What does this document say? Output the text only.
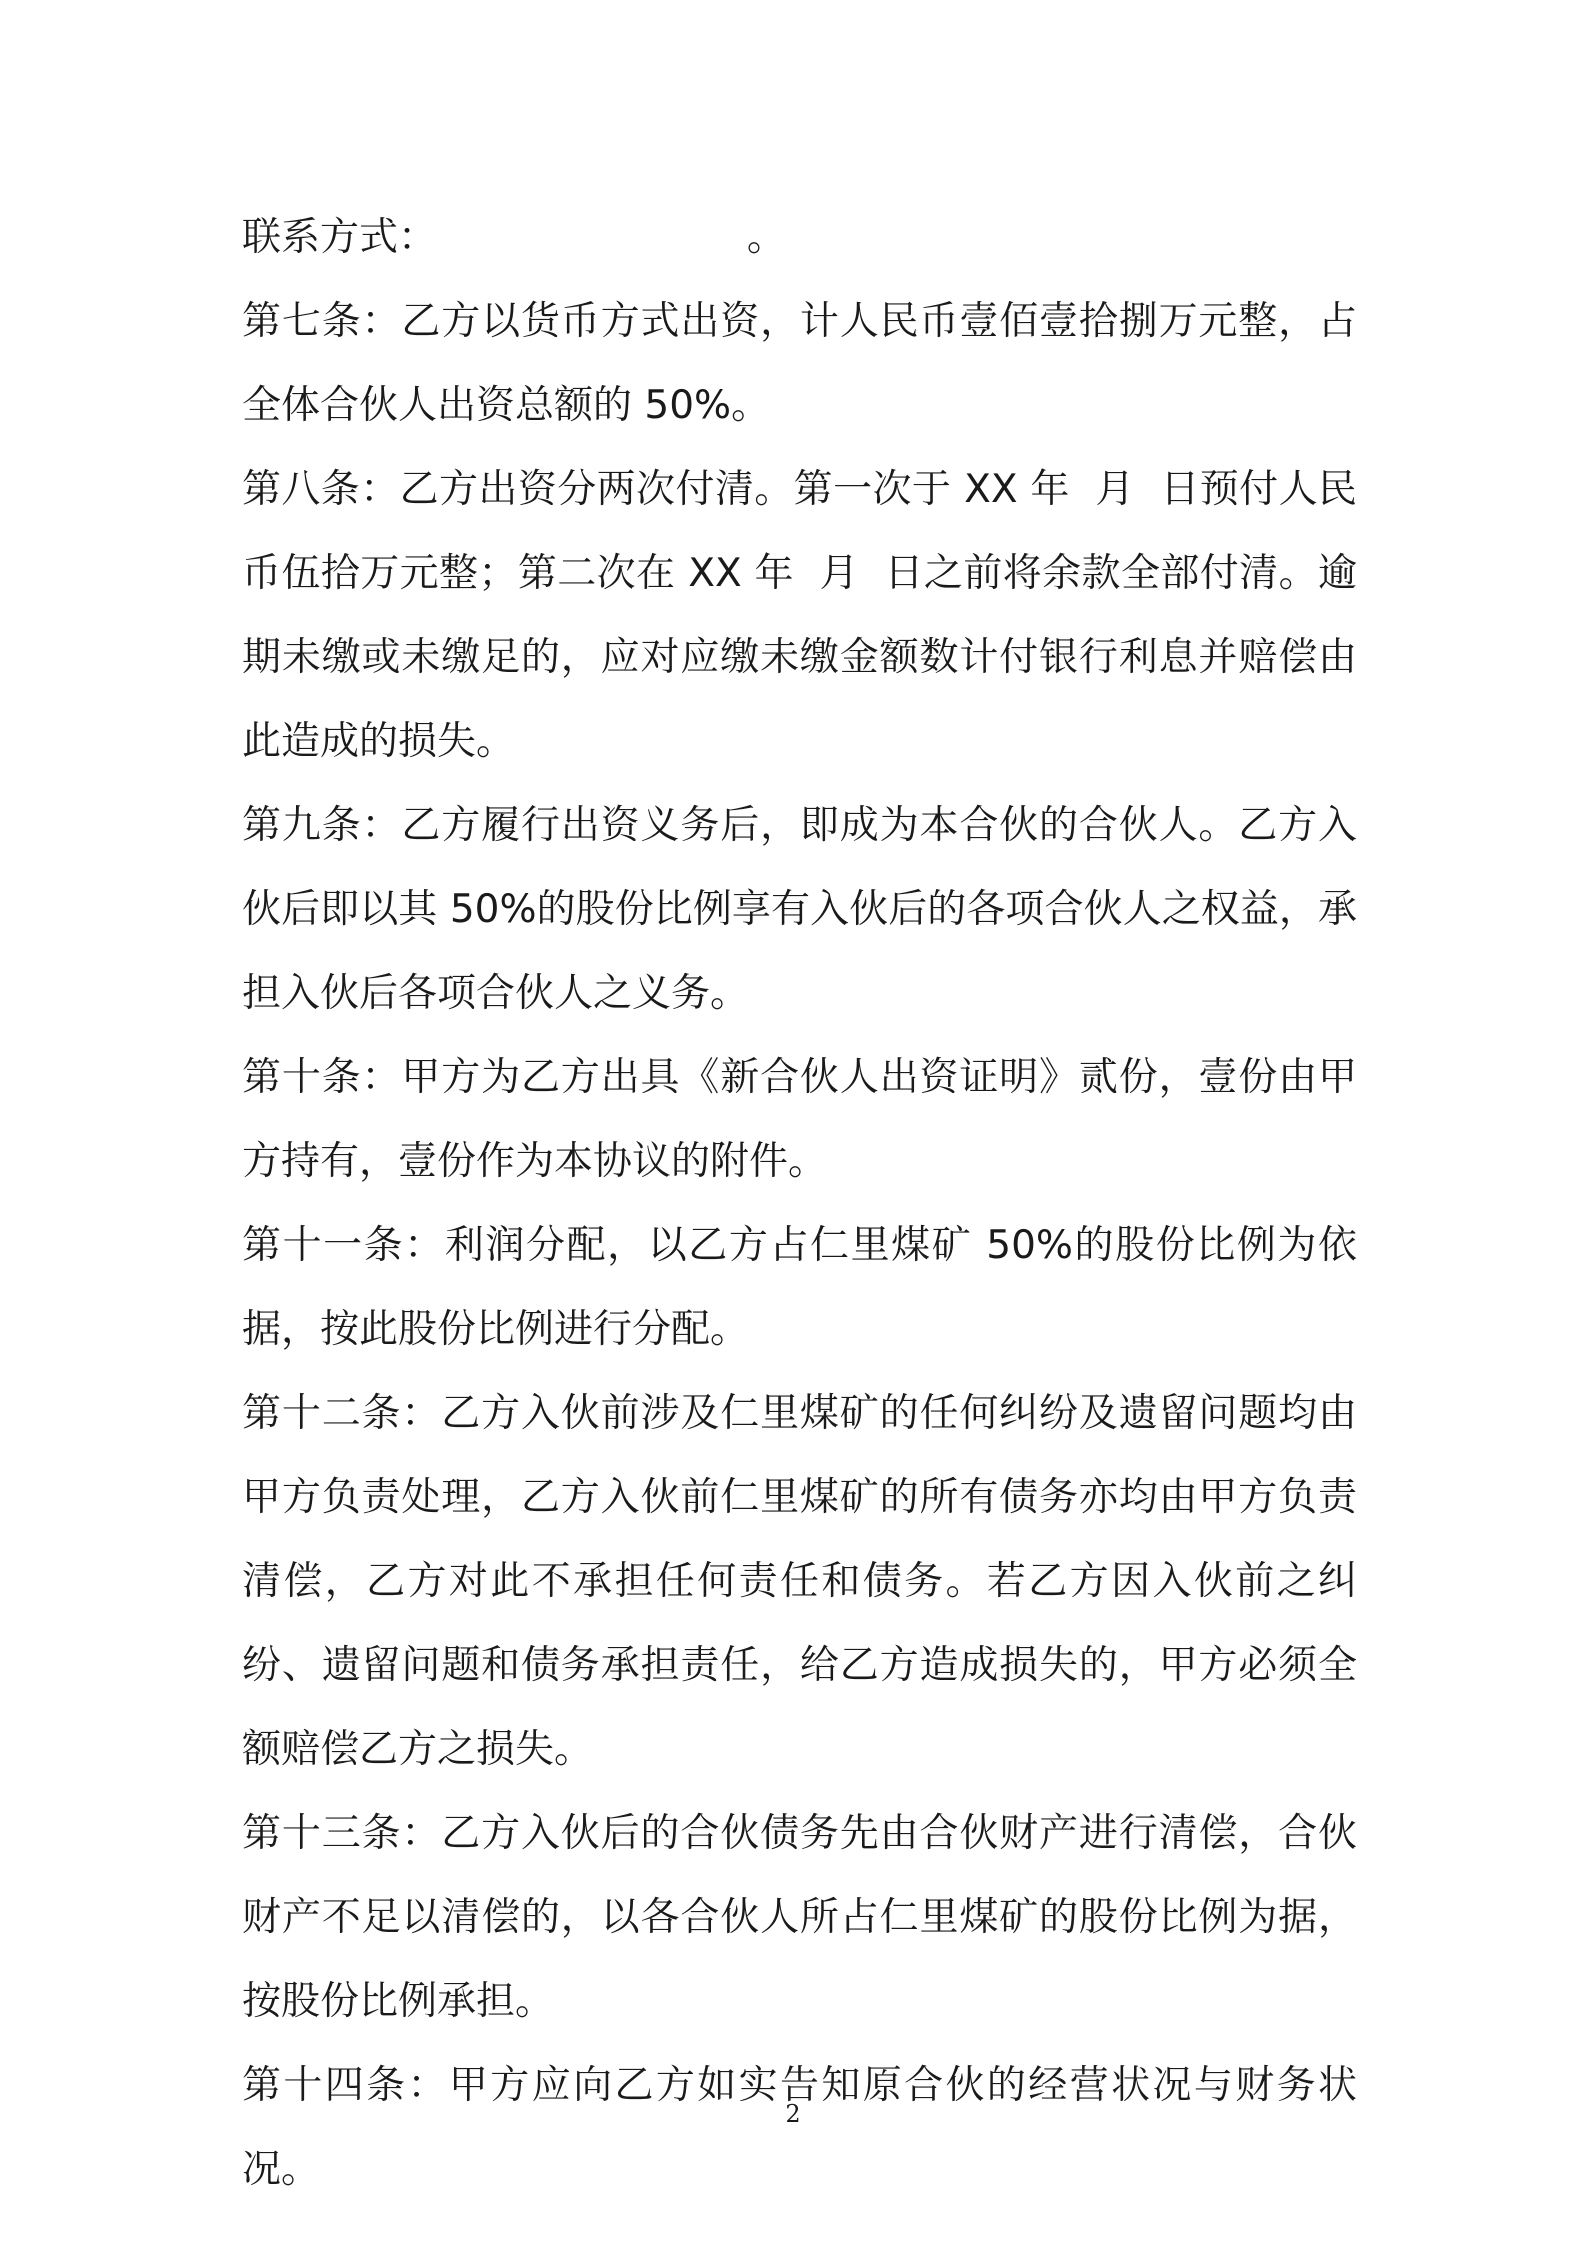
联系方式：                         。

第七条：乙方以货币方式出资，计人民币壹佰壹拾捌万元整，占全体合伙人出资总额的 50%。

第八条：乙方出资分两次付清。第一次于 XX 年  月  日预付人民币伍拾万元整；第二次在 XX 年  月  日之前将余款全部付清。逾期未缴或未缴足的，应对应缴未缴金额数计付银行利息并赔偿由此造成的损失。

第九条：乙方履行出资义务后，即成为本合伙的合伙人。乙方入伙后即以其 50%的股份比例享有入伙后的各项合伙人之权益，承担入伙后各项合伙人之义务。

第十条：甲方为乙方出具《新合伙人出资证明》贰份，壹份由甲方持有，壹份作为本协议的附件。

第十一条：利润分配，以乙方占仁里煤矿 50%的股份比例为依据，按此股份比例进行分配。

第十二条：乙方入伙前涉及仁里煤矿的任何纠纷及遗留问题均由甲方负责处理，乙方入伙前仁里煤矿的所有债务亦均由甲方负责清偿，乙方对此不承担任何责任和债务。若乙方因入伙前之纠纷、遗留问题和债务承担责任，给乙方造成损失的，甲方必须全额赔偿乙方之损失。

第十三条：乙方入伙后的合伙债务先由合伙财产进行清偿，合伙财产不足以清偿的，以各合伙人所占仁里煤矿的股份比例为据，按股份比例承担。

第十四条：甲方应向乙方如实告知原合伙的经营状况与财务状况。

2
